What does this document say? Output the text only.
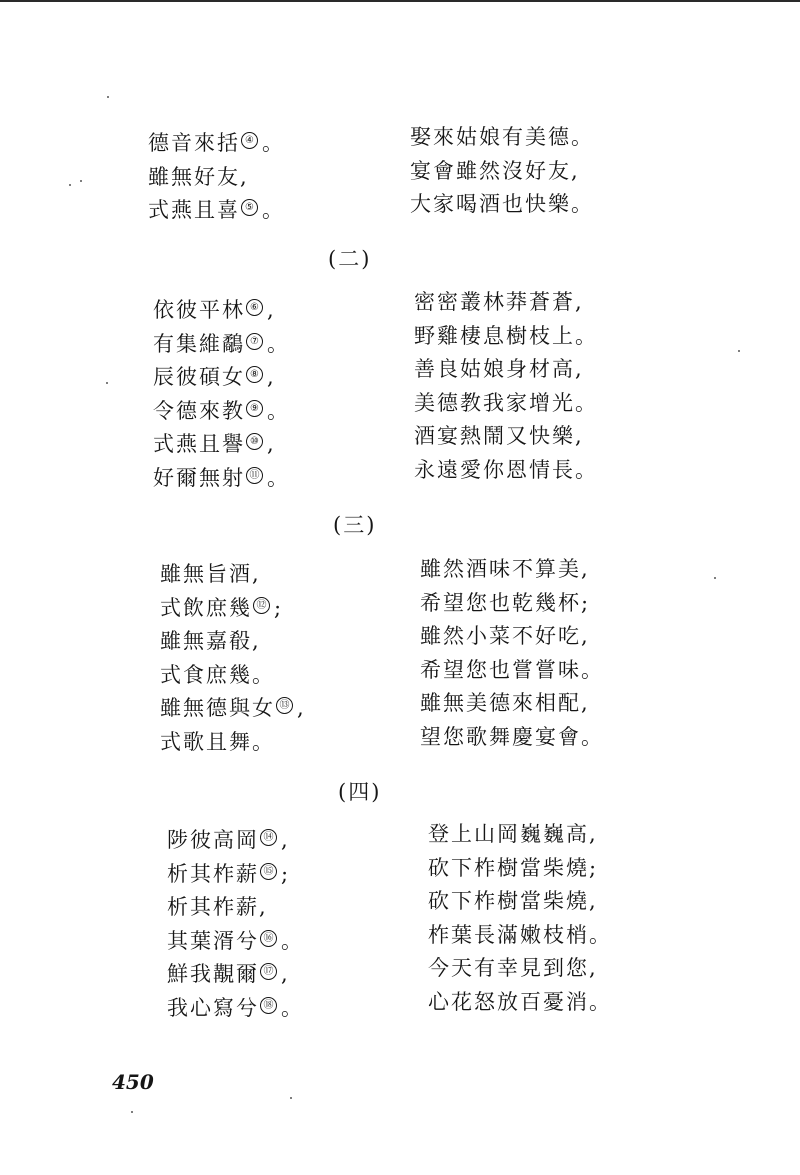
德音來括 ④ 。
雖無好友,
式燕且喜 ⑤ 。
娶來姑娘有美德。
宴會雖然沒好友,
大家喝酒也快樂。
(二)
依彼平林 ⑥ ,
有集維鷸 ⑦ 。
辰彼碩女 ⑧ ,
令德來教 ⑨ 。
式燕且譽 ⑩ ,
好爾無射 ⑪ 。
密密叢林莽蒼蒼,
野雞棲息樹枝上。
善良姑娘身材高,
美德教我家增光。
酒宴熱鬧又快樂,
永遠愛你恩情長。
(三)
雖無旨酒,
式飲庶幾 ⑫ ;
雖無嘉殽,
式食庶幾。
雖無德與女 ⑬ ,
式歌且舞。
雖然酒味不算美,
希望您也乾幾杯;
雖然小菜不好吃,
希望您也嘗嘗味。
雖無美德來相配,
望您歌舞慶宴會。
(四)
陟彼高岡 ⑭ ,
析其柞薪 ⑮ ;
析其柞薪,
其葉湑兮 ⑯ 。
鮮我覯爾 ⑰ ,
我心寫兮 ⑱ 。
登上山岡巍巍高,
砍下柞樹當柴燒;
砍下柞樹當柴燒,
柞葉長滿嫩枝梢。
今天有幸見到您,
心花怒放百憂消。
450
